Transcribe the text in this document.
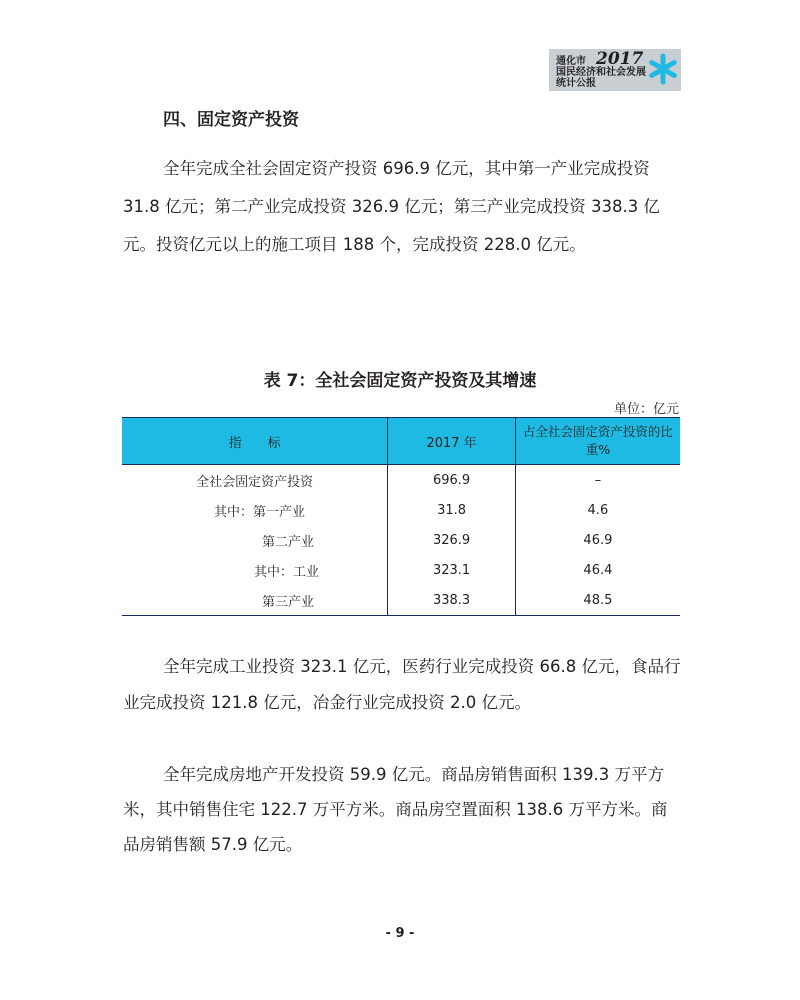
通化市 2017
国民经济和社会发展
统计公报
四、固定资产投资

全年完成全社会固定资产投资 696.9 亿元，其中第一产业完成投资 31.8 亿元；第二产业完成投资 326.9 亿元；第三产业完成投资 338.3 亿元。投资亿元以上的施工项目 188 个，完成投资 228.0 亿元。

表 7：全社会固定资产投资及其增速
单位：亿元
指　　标	2017 年	占全社会固定资产投资的比重%
全社会固定资产投资	696.9	–
其中：第一产业	31.8	4.6
第二产业	326.9	46.9
其中：工业	323.1	46.4
第三产业	338.3	48.5

全年完成工业投资 323.1 亿元，医药行业完成投资 66.8 亿元，食品行业完成投资 121.8 亿元，冶金行业完成投资 2.0 亿元。

全年完成房地产开发投资 59.9 亿元。商品房销售面积 139.3 万平方米，其中销售住宅 122.7 万平方米。商品房空置面积 138.6 万平方米。商品房销售额 57.9 亿元。

- 9 -
